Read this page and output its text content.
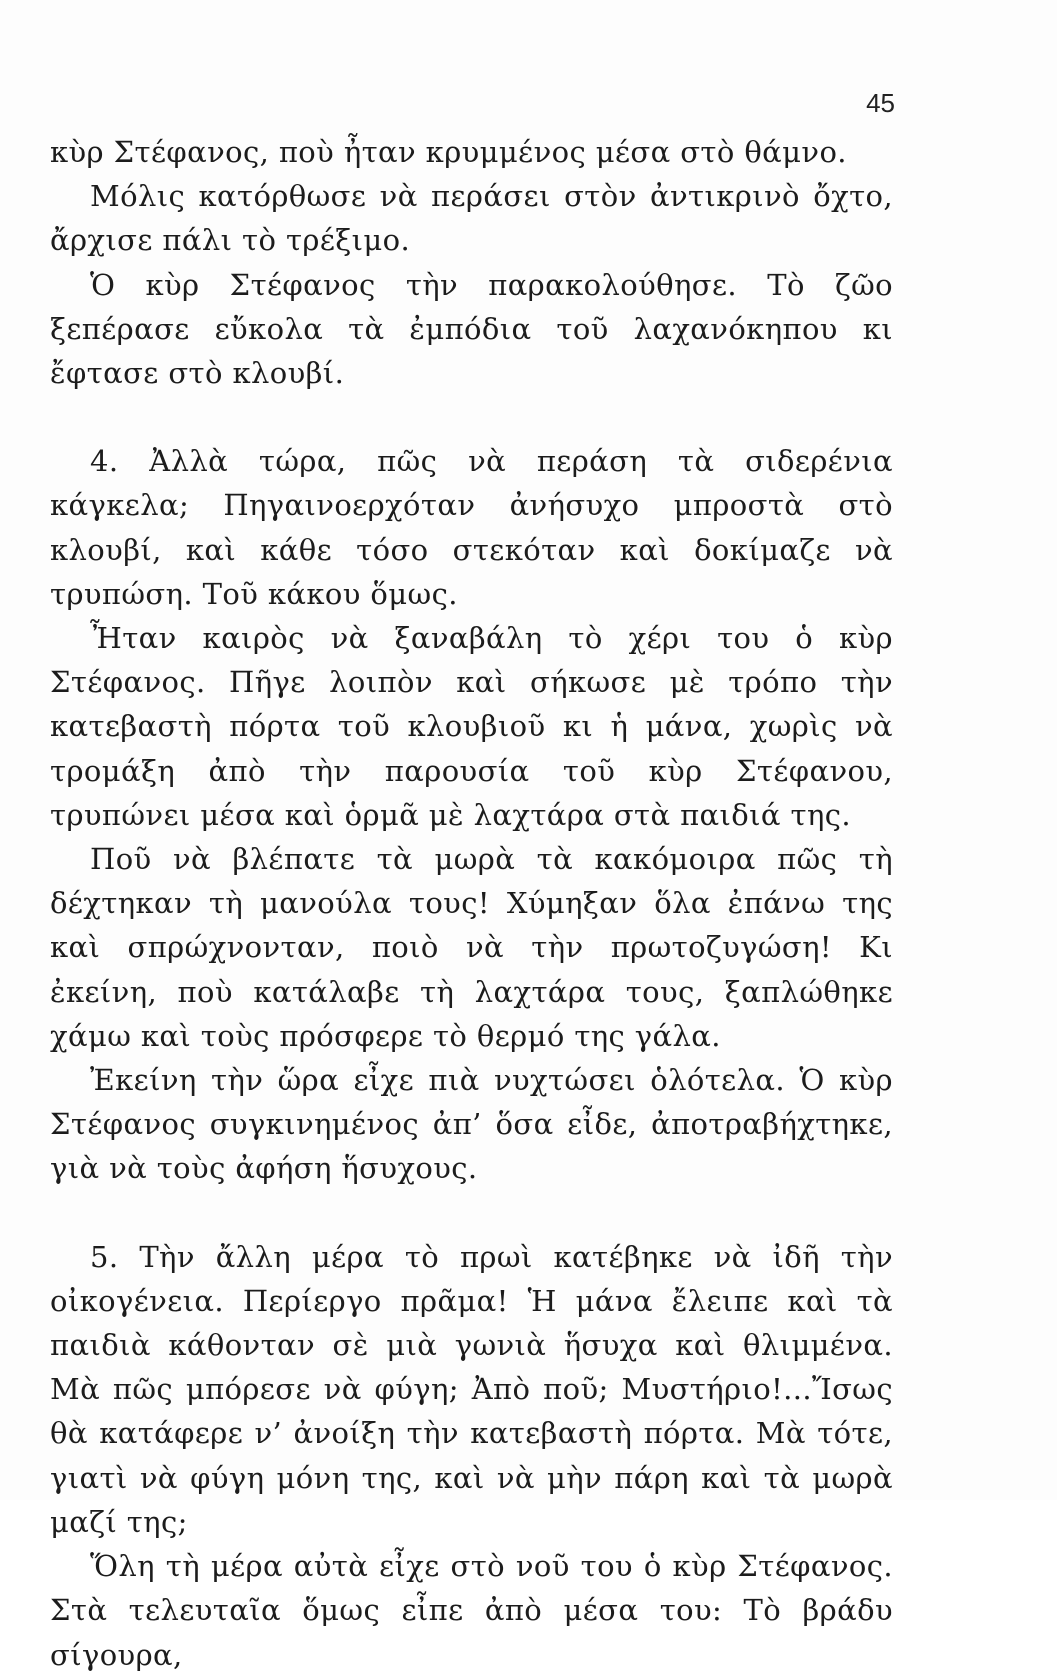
45

κὺρ Στέφανος, ποὺ ἦταν κρυμμένος μέσα στὸ θάμνο.

Μόλις κατόρθωσε νὰ περάσει στὸν ἀντικρινὸ ὄχτο, ἄρχισε πάλι τὸ τρέξιμο.

Ὁ κὺρ Στέφανος τὴν παρακολούθησε. Τὸ ζῶο ξεπέρασε εὔκολα τὰ ἐμπόδια τοῦ λαχανόκηπου κι ἔφτασε στὸ κλουβί.

4. Ἀλλὰ τώρα, πῶς νὰ περάση τὰ σιδερένια κάγκελα; Πηγαινοερχόταν ἀνήσυχο μπροστὰ στὸ κλουβί, καὶ κάθε τόσο στεκόταν καὶ δοκίμαζε νὰ τρυπώση. Τοῦ κάκου ὅμως.

Ἦταν καιρὸς νὰ ξαναβάλη τὸ χέρι του ὁ κὺρ Στέφανος. Πῆγε λοιπὸν καὶ σήκωσε μὲ τρόπο τὴν κατεβαστὴ πόρτα τοῦ κλουβιοῦ κι ἡ μάνα, χωρὶς νὰ τρομάξη ἀπὸ τὴν παρουσία τοῦ κὺρ Στέφανου, τρυπώνει μέσα καὶ ὁρμᾶ μὲ λαχτάρα στὰ παιδιά της.

Ποῦ νὰ βλέπατε τὰ μωρὰ τὰ κακόμοιρα πῶς τὴ δέχτηκαν τὴ μανούλα τους! Χύμηξαν ὅλα ἐπάνω της καὶ σπρώχνονταν, ποιὸ νὰ τὴν πρωτοζυγώση! Κι ἐκείνη, ποὺ κατάλαβε τὴ λαχτάρα τους, ξαπλώθηκε χάμω καὶ τοὺς πρόσφερε τὸ θερμό της γάλα.

Ἐκείνη τὴν ὥρα εἶχε πιὰ νυχτώσει ὁλότελα. Ὁ κὺρ Στέφανος συγκινημένος ἀπ’ ὅσα εἶδε, ἀποτραβήχτηκε, γιὰ νὰ τοὺς ἀφήση ἥσυχους.

5. Τὴν ἄλλη μέρα τὸ πρωὶ κατέβηκε νὰ ἰδῆ τὴν οἰκογένεια. Περίεργο πρᾶμα! Ἡ μάνα ἔλειπε καὶ τὰ παιδιὰ κάθονταν σὲ μιὰ γωνιὰ ἥσυχα καὶ θλιμμένα. Μὰ πῶς μπόρεσε νὰ φύγη; Ἀπὸ ποῦ; Μυστήριο!...Ἴσως θὰ κατάφερε ν’ ἀνοίξη τὴν κατεβαστὴ πόρτα. Μὰ τότε, γιατὶ νὰ φύγη μόνη της, καὶ νὰ μὴν πάρη καὶ τὰ μωρὰ μαζί της;

Ὅλη τὴ μέρα αὐτὰ εἶχε στὸ νοῦ του ὁ κὺρ Στέφανος. Στὰ τελευταῖα ὅμως εἶπε ἀπὸ μέσα του: Τὸ βράδυ σίγουρα,
